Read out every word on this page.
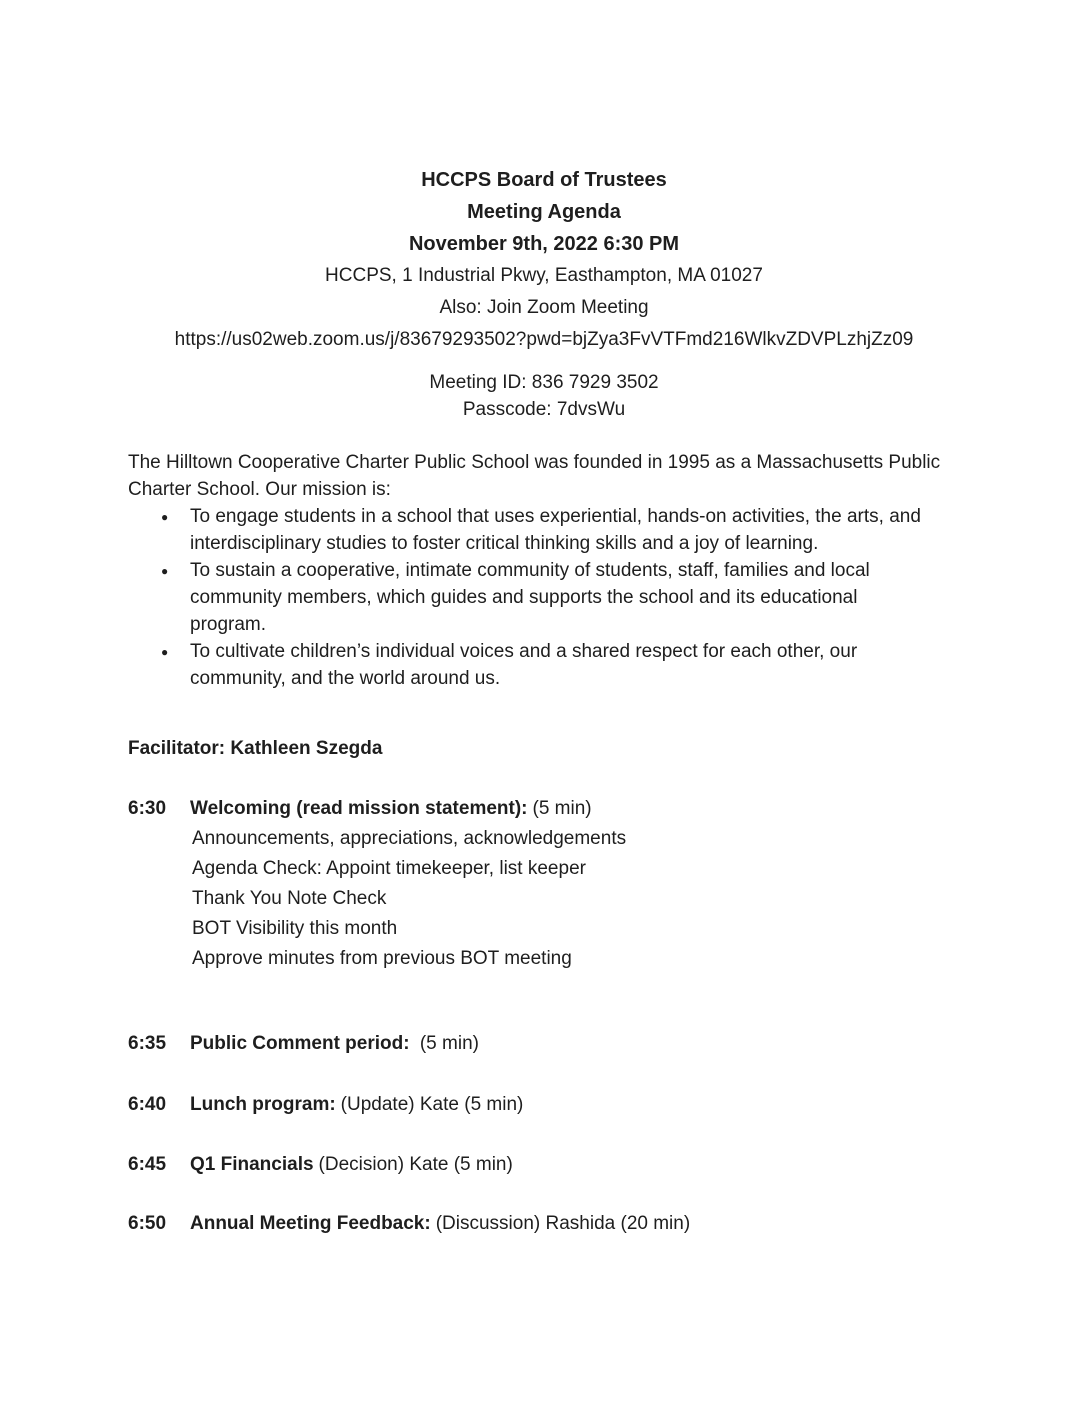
HCCPS Board of Trustees
Meeting Agenda
November 9th, 2022 6:30 PM
HCCPS, 1 Industrial Pkwy, Easthampton, MA 01027
Also: Join Zoom Meeting
https://us02web.zoom.us/j/83679293502?pwd=bjZya3FvVTFmd216WlkvZDVPLzhjZz09
Meeting ID: 836 7929 3502
Passcode: 7dvsWu
The Hilltown Cooperative Charter Public School was founded in 1995 as a Massachusetts Public
Charter School. Our mission is:
● To engage students in a school that uses experiential, hands-on activities, the arts, and
interdisciplinary studies to foster critical thinking skills and a joy of learning.
● To sustain a cooperative, intimate community of students, staff, families and local
community members, which guides and supports the school and its educational
program.
● To cultivate children’s individual voices and a shared respect for each other, our
community, and the world around us.
Facilitator: Kathleen Szegda
6:30 Welcoming (read mission statement): (5 min)
Announcements, appreciations, acknowledgements
Agenda Check: Appoint timekeeper, list keeper
Thank You Note Check
BOT Visibility this month
Approve minutes from previous BOT meeting
6:35 Public Comment period: (5 min)
6:40 Lunch program: (Update) Kate (5 min)
6:45 Q1 Financials (Decision) Kate (5 min)
6:50 Annual Meeting Feedback: (Discussion) Rashida (20 min)
